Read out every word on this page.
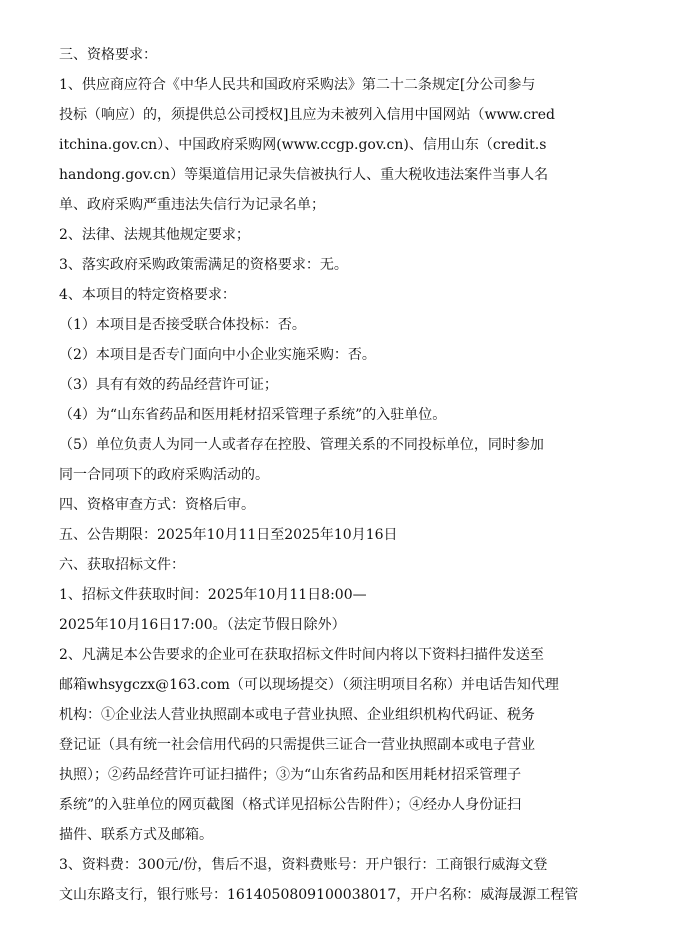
三、资格要求：
1、供应商应符合《中华人民共和国政府采购法》第二十二条规定[分公司参与
投标（响应）的，须提供总公司授权]且应为未被列入信用中国网站（www.cred
itchina.gov.cn）、中国政府采购网(www.ccgp.gov.cn)、信用山东（credit.s
handong.gov.cn）等渠道信用记录失信被执行人、重大税收违法案件当事人名
单、政府采购严重违法失信行为记录名单；
2、法律、法规其他规定要求；
3、落实政府采购政策需满足的资格要求：无。
4、本项目的特定资格要求：
（1）本项目是否接受联合体投标：否。
（2）本项目是否专门面向中小企业实施采购：否。
（3）具有有效的药品经营许可证；
（4）为“山东省药品和医用耗材招采管理子系统”的入驻单位。
（5）单位负责人为同一人或者存在控股、管理关系的不同投标单位，同时参加
同一合同项下的政府采购活动的。
四、资格审查方式：资格后审。
五、公告期限：2025年10月11日至2025年10月16日
六、获取招标文件：
1、招标文件获取时间：2025年10月11日8:00—
2025年10月16日17:00。（法定节假日除外）
2、凡满足本公告要求的企业可在获取招标文件时间内将以下资料扫描件发送至
邮箱whsygczx@163.com（可以现场提交）（须注明项目名称）并电话告知代理
机构：①企业法人营业执照副本或电子营业执照、企业组织机构代码证、税务
登记证（具有统一社会信用代码的只需提供三证合一营业执照副本或电子营业
执照）；②药品经营许可证扫描件；③为“山东省药品和医用耗材招采管理子
系统”的入驻单位的网页截图（格式详见招标公告附件）；④经办人身份证扫
描件、联系方式及邮箱。
3、资料费：300元/份，售后不退，资料费账号：开户银行：工商银行威海文登
文山东路支行，银行账号：1614050809100038017，开户名称：威海晟源工程管
